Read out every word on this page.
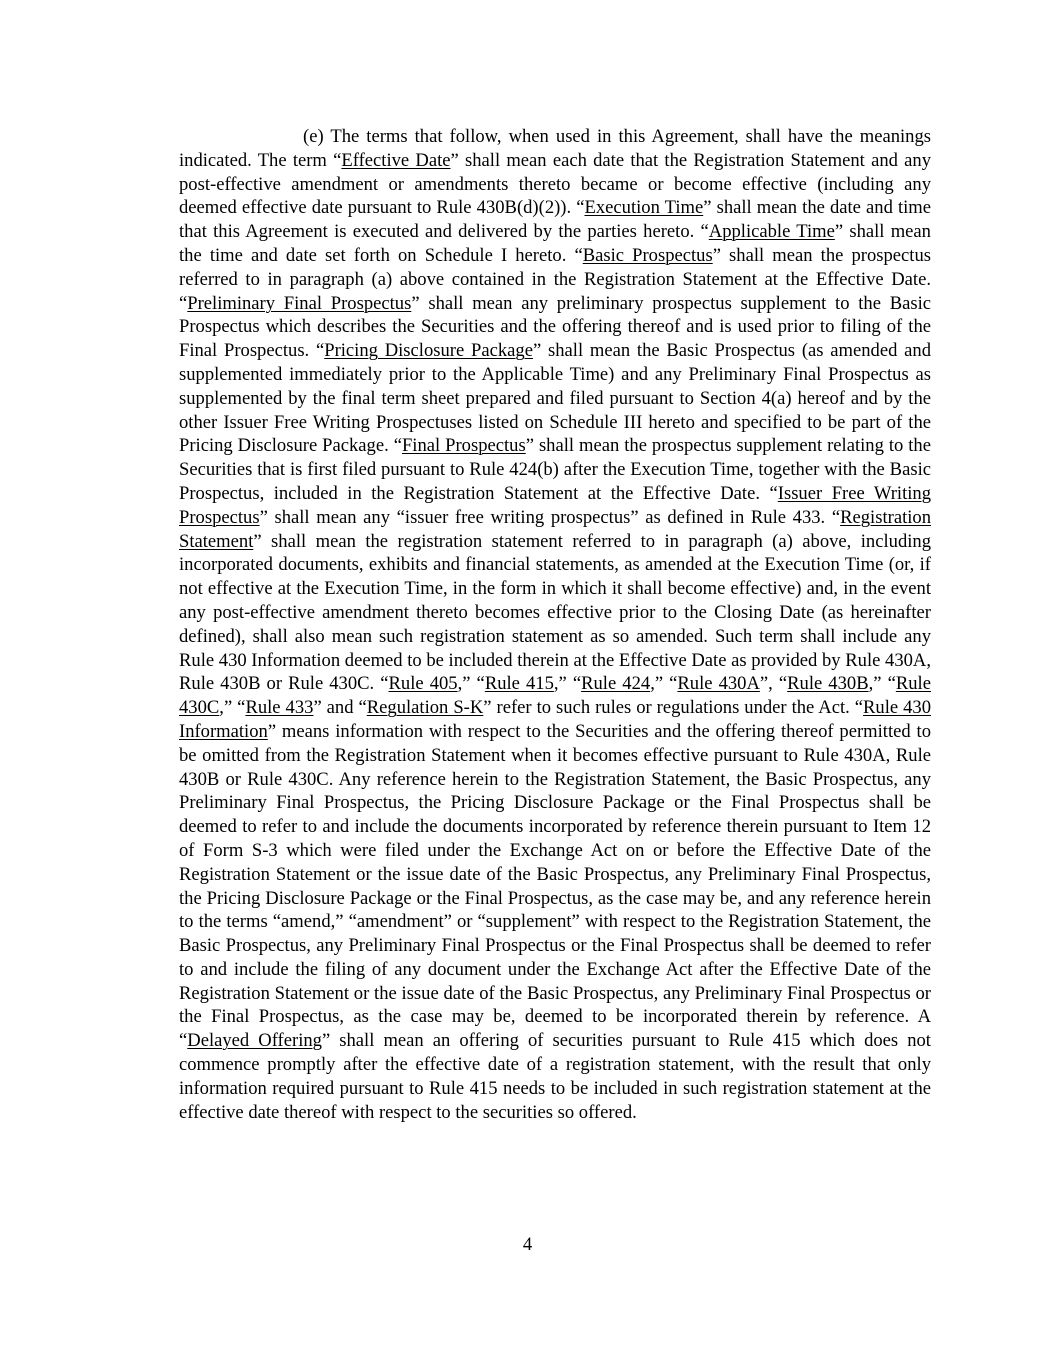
(e) The terms that follow, when used in this Agreement, shall have the meanings indicated. The term “Effective Date” shall mean each date that the Registration Statement and any post-effective amendment or amendments thereto became or become effective (including any deemed effective date pursuant to Rule 430B(d)(2)). “Execution Time” shall mean the date and time that this Agreement is executed and delivered by the parties hereto. “Applicable Time” shall mean the time and date set forth on Schedule I hereto. “Basic Prospectus” shall mean the prospectus referred to in paragraph (a) above contained in the Registration Statement at the Effective Date. “Preliminary Final Prospectus” shall mean any preliminary prospectus supplement to the Basic Prospectus which describes the Securities and the offering thereof and is used prior to filing of the Final Prospectus. “Pricing Disclosure Package” shall mean the Basic Prospectus (as amended and supplemented immediately prior to the Applicable Time) and any Preliminary Final Prospectus as supplemented by the final term sheet prepared and filed pursuant to Section 4(a) hereof and by the other Issuer Free Writing Prospectuses listed on Schedule III hereto and specified to be part of the Pricing Disclosure Package. “Final Prospectus” shall mean the prospectus supplement relating to the Securities that is first filed pursuant to Rule 424(b) after the Execution Time, together with the Basic Prospectus, included in the Registration Statement at the Effective Date. “Issuer Free Writing Prospectus” shall mean any “issuer free writing prospectus” as defined in Rule 433. “Registration Statement” shall mean the registration statement referred to in paragraph (a) above, including incorporated documents, exhibits and financial statements, as amended at the Execution Time (or, if not effective at the Execution Time, in the form in which it shall become effective) and, in the event any post-effective amendment thereto becomes effective prior to the Closing Date (as hereinafter defined), shall also mean such registration statement as so amended. Such term shall include any Rule 430 Information deemed to be included therein at the Effective Date as provided by Rule 430A, Rule 430B or Rule 430C. “Rule 405,” “Rule 415,” “Rule 424,” “Rule 430A”, “Rule 430B,” “Rule 430C,” “Rule 433” and “Regulation S-K” refer to such rules or regulations under the Act. “Rule 430 Information” means information with respect to the Securities and the offering thereof permitted to be omitted from the Registration Statement when it becomes effective pursuant to Rule 430A, Rule 430B or Rule 430C. Any reference herein to the Registration Statement, the Basic Prospectus, any Preliminary Final Prospectus, the Pricing Disclosure Package or the Final Prospectus shall be deemed to refer to and include the documents incorporated by reference therein pursuant to Item 12 of Form S-3 which were filed under the Exchange Act on or before the Effective Date of the Registration Statement or the issue date of the Basic Prospectus, any Preliminary Final Prospectus, the Pricing Disclosure Package or the Final Prospectus, as the case may be, and any reference herein to the terms “amend,” “amendment” or “supplement” with respect to the Registration Statement, the Basic Prospectus, any Preliminary Final Prospectus or the Final Prospectus shall be deemed to refer to and include the filing of any document under the Exchange Act after the Effective Date of the Registration Statement or the issue date of the Basic Prospectus, any Preliminary Final Prospectus or the Final Prospectus, as the case may be, deemed to be incorporated therein by reference. A “Delayed Offering” shall mean an offering of securities pursuant to Rule 415 which does not commence promptly after the effective date of a registration statement, with the result that only information required pursuant to Rule 415 needs to be included in such registration statement at the effective date thereof with respect to the securities so offered.

4
